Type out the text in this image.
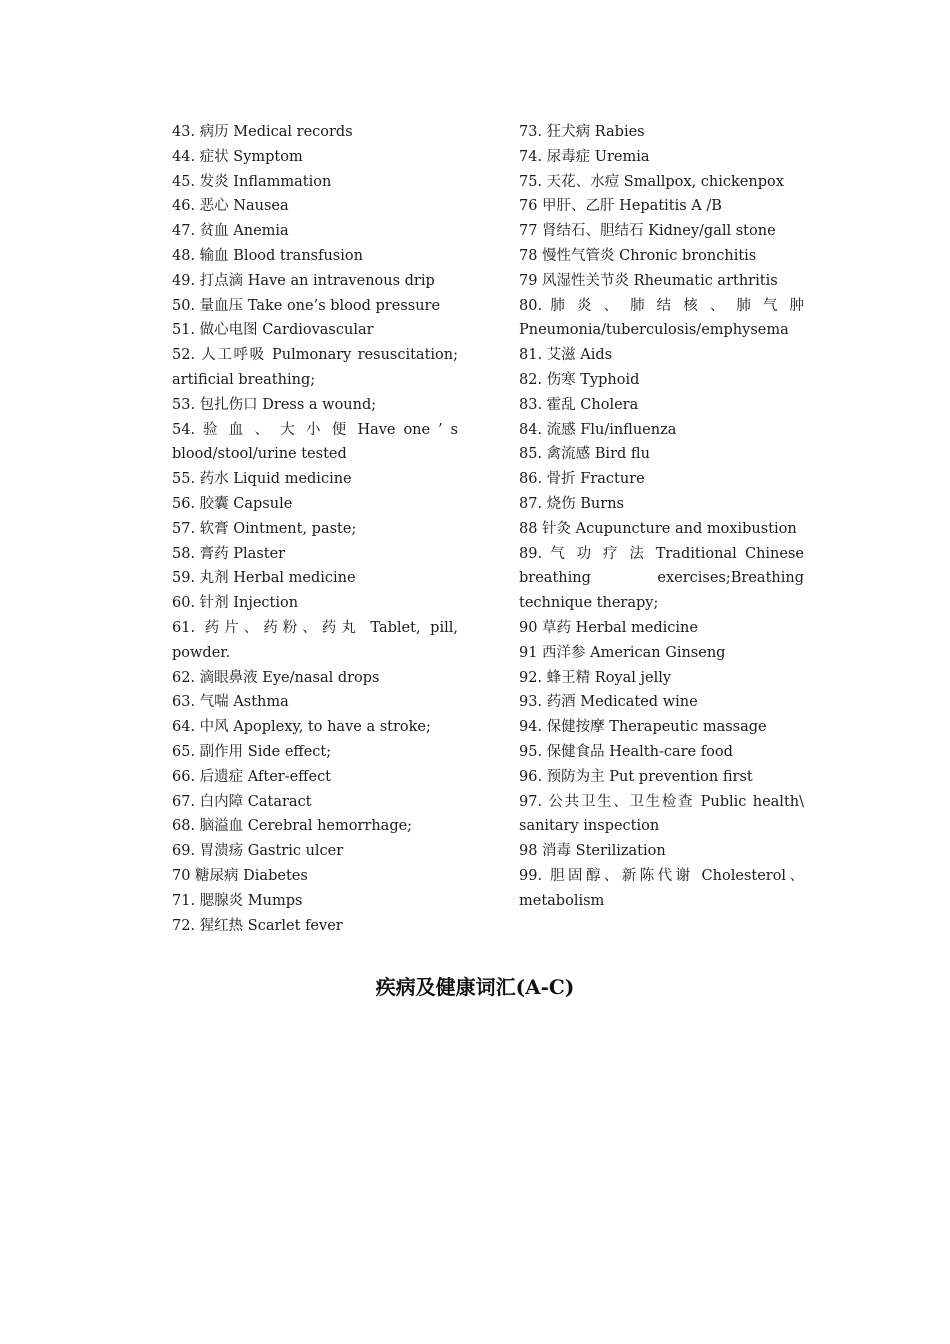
43. 病历 Medical records

44. 症状 Symptom

45. 发炎 Inflammation

46. 恶心 Nausea

47. 贫血 Anemia

48. 输血 Blood transfusion

49. 打点滴 Have an intravenous drip

50. 量血压 Take one’s blood pressure

51. 做心电图 Cardiovascular

52. 人工呼吸 Pulmonary resuscitation; artificial breathing;

53. 包扎伤口 Dress a wound;

54. 验 血 、 大 小 便 Have one ’ s blood/stool/urine tested

55. 药水 Liquid medicine

56. 胶囊 Capsule

57. 软膏 Ointment, paste;

58. 膏药 Plaster

59. 丸剂 Herbal medicine

60. 针剂 Injection

61. 药片、药粉、药丸 Tablet, pill, powder.

62. 滴眼鼻液 Eye/nasal drops

63. 气喘 Asthma

64. 中风 Apoplexy, to have a stroke;

65. 副作用 Side effect;

66. 后遗症 After-effect

67. 白内障 Cataract

68. 脑溢血 Cerebral hemorrhage;

69. 胃溃疡 Gastric ulcer

70 糖尿病 Diabetes

71. 腮腺炎 Mumps

72. 猩红热 Scarlet fever

73. 狂犬病 Rabies

74. 尿毒症 Uremia

75. 天花、水痘 Smallpox, chickenpox

76 甲肝、乙肝 Hepatitis A /B

77 肾结石、胆结石 Kidney/gall stone

78 慢性气管炎 Chronic bronchitis

79 风湿性关节炎 Rheumatic arthritis

80. 肺 炎 、 肺 结 核 、 肺 气 肿 Pneumonia/tuberculosis/emphysema

81. 艾滋 Aids

82. 伤寒 Typhoid

83. 霍乱 Cholera

84. 流感 Flu/influenza

85. 禽流感 Bird flu

86. 骨折 Fracture

87. 烧伤 Burns

88 针灸 Acupuncture and moxibustion

89. 气 功 疗 法 Traditional Chinese breathing exercises;Breathing technique therapy;

90 草药 Herbal medicine

91 西洋参 American Ginseng

92. 蜂王精 Royal jelly

93. 药酒 Medicated wine

94. 保健按摩 Therapeutic massage

95. 保健食品 Health-care food

96. 预防为主 Put prevention first

97. 公共卫生、卫生检查 Public health\ sanitary inspection

98 消毒 Sterilization

99. 胆固醇、新陈代谢 Cholesterol、 metabolism

疾病及健康词汇(A-C)
